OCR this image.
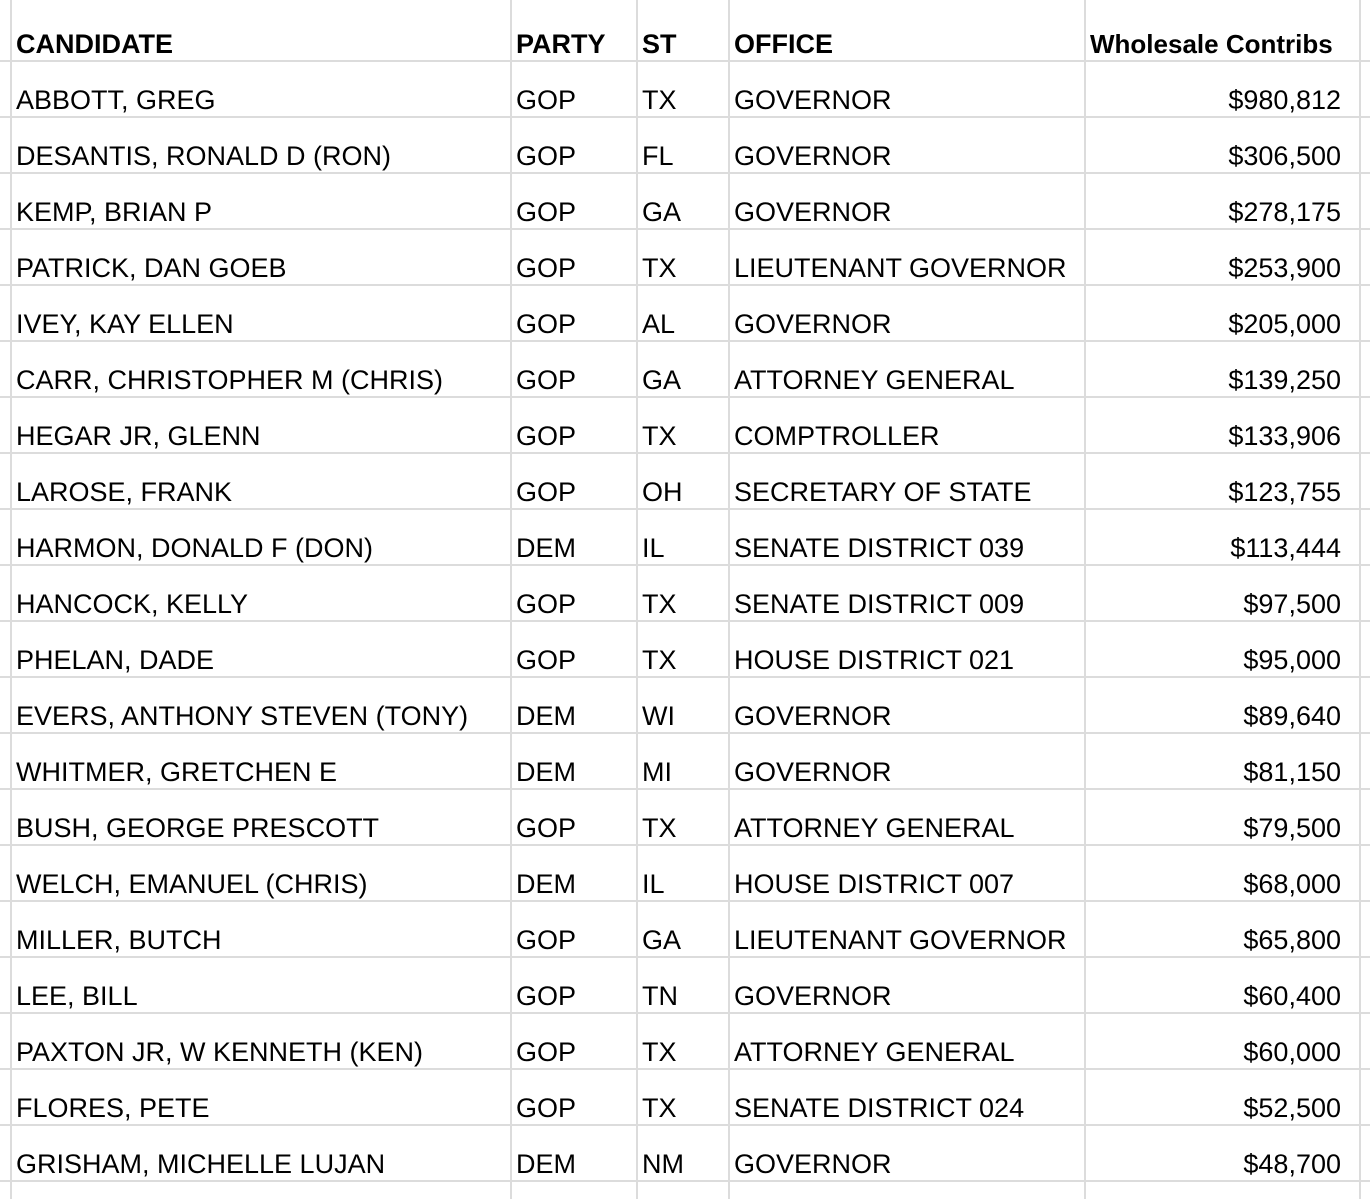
CANDIDATE	PARTY	ST	OFFICE	Wholesale Contribs
ABBOTT, GREG	GOP	TX	GOVERNOR	$980,812
DESANTIS, RONALD D (RON)	GOP	FL	GOVERNOR	$306,500
KEMP, BRIAN P	GOP	GA	GOVERNOR	$278,175
PATRICK, DAN GOEB	GOP	TX	LIEUTENANT GOVERNOR	$253,900
IVEY, KAY ELLEN	GOP	AL	GOVERNOR	$205,000
CARR, CHRISTOPHER M (CHRIS)	GOP	GA	ATTORNEY GENERAL	$139,250
HEGAR JR, GLENN	GOP	TX	COMPTROLLER	$133,906
LAROSE, FRANK	GOP	OH	SECRETARY OF STATE	$123,755
HARMON, DONALD F (DON)	DEM	IL	SENATE DISTRICT 039	$113,444
HANCOCK, KELLY	GOP	TX	SENATE DISTRICT 009	$97,500
PHELAN, DADE	GOP	TX	HOUSE DISTRICT 021	$95,000
EVERS, ANTHONY STEVEN (TONY)	DEM	WI	GOVERNOR	$89,640
WHITMER, GRETCHEN E	DEM	MI	GOVERNOR	$81,150
BUSH, GEORGE PRESCOTT	GOP	TX	ATTORNEY GENERAL	$79,500
WELCH, EMANUEL (CHRIS)	DEM	IL	HOUSE DISTRICT 007	$68,000
MILLER, BUTCH	GOP	GA	LIEUTENANT GOVERNOR	$65,800
LEE, BILL	GOP	TN	GOVERNOR	$60,400
PAXTON JR, W KENNETH (KEN)	GOP	TX	ATTORNEY GENERAL	$60,000
FLORES, PETE	GOP	TX	SENATE DISTRICT 024	$52,500
GRISHAM, MICHELLE LUJAN	DEM	NM	GOVERNOR	$48,700
